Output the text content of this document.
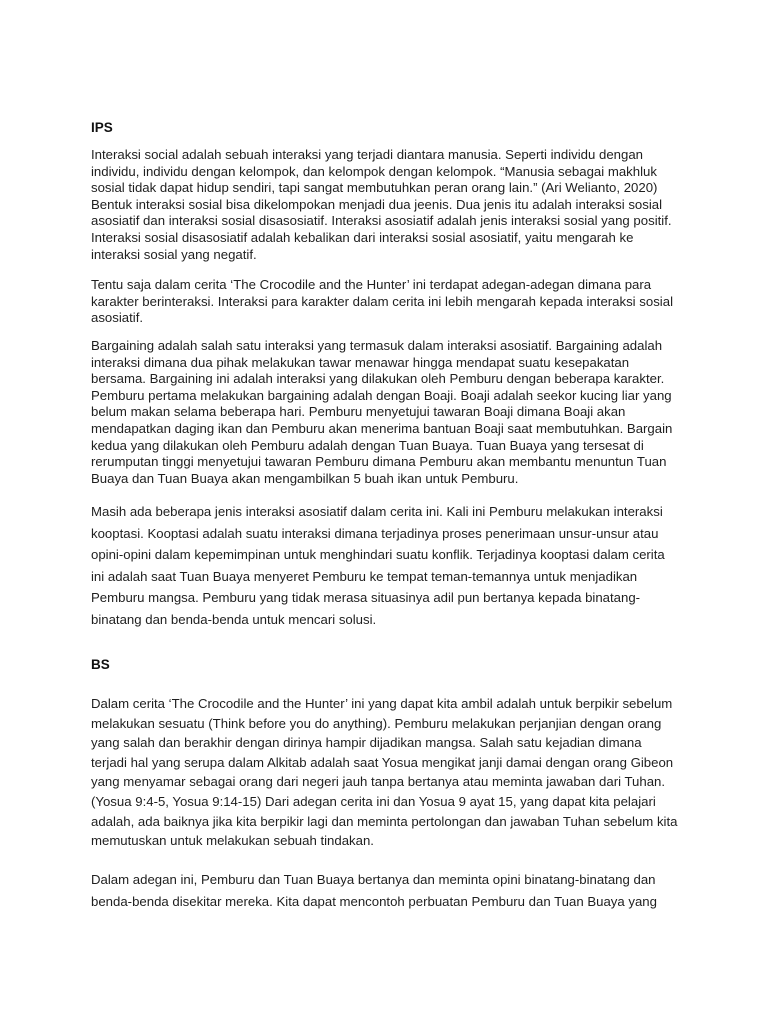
IPS

Interaksi social adalah sebuah interaksi yang terjadi diantara manusia. Seperti individu dengan individu, individu dengan kelompok, dan kelompok dengan kelompok. “Manusia sebagai makhluk sosial tidak dapat hidup sendiri, tapi sangat membutuhkan peran orang lain.” (Ari Welianto, 2020) Bentuk interaksi sosial bisa dikelompokan menjadi dua jeenis. Dua jenis itu adalah interaksi sosial asosiatif dan interaksi sosial disasosiatif. Interaksi asosiatif adalah jenis interaksi sosial yang positif. Interaksi sosial disasosiatif adalah kebalikan dari interaksi sosial asosiatif, yaitu mengarah ke interaksi sosial yang negatif.

Tentu saja dalam cerita ‘The Crocodile and the Hunter’ ini terdapat adegan-adegan dimana para karakter berinteraksi. Interaksi para karakter dalam cerita ini lebih mengarah kepada interaksi sosial asosiatif.

Bargaining adalah salah satu interaksi yang termasuk dalam interaksi asosiatif. Bargaining adalah interaksi dimana dua pihak melakukan tawar menawar hingga mendapat suatu kesepakatan bersama. Bargaining ini adalah interaksi yang dilakukan oleh Pemburu dengan beberapa karakter. Pemburu pertama melakukan bargaining adalah dengan Boaji. Boaji adalah seekor kucing liar yang belum makan selama beberapa hari. Pemburu menyetujui tawaran Boaji dimana Boaji akan mendapatkan daging ikan dan Pemburu akan menerima bantuan Boaji saat membutuhkan. Bargain kedua yang dilakukan oleh Pemburu adalah dengan Tuan Buaya. Tuan Buaya yang tersesat di rerumputan tinggi menyetujui tawaran Pemburu dimana Pemburu akan membantu menuntun Tuan Buaya dan Tuan Buaya akan mengambilkan 5 buah ikan untuk Pemburu.

Masih ada beberapa jenis interaksi asosiatif dalam cerita ini. Kali ini Pemburu melakukan interaksi kooptasi. Kooptasi adalah suatu interaksi dimana terjadinya proses penerimaan unsur-unsur atau opini-opini dalam kepemimpinan untuk menghindari suatu konflik. Terjadinya kooptasi dalam cerita ini adalah saat Tuan Buaya menyeret Pemburu ke tempat teman-temannya untuk menjadikan Pemburu mangsa. Pemburu yang tidak merasa situasinya adil pun bertanya kepada binatang-binatang dan benda-benda untuk mencari solusi.

BS

Dalam cerita ‘The Crocodile and the Hunter’ ini yang dapat kita ambil adalah untuk berpikir sebelum melakukan sesuatu (Think before you do anything). Pemburu melakukan perjanjian dengan orang yang salah dan berakhir dengan dirinya hampir dijadikan mangsa. Salah satu kejadian dimana terjadi hal yang serupa dalam Alkitab adalah saat Yosua mengikat janji damai dengan orang Gibeon yang menyamar sebagai orang dari negeri jauh tanpa bertanya atau meminta jawaban dari Tuhan. (Yosua 9:4-5, Yosua 9:14-15) Dari adegan cerita ini dan Yosua 9 ayat 15, yang dapat kita pelajari adalah, ada baiknya jika kita berpikir lagi dan meminta pertolongan dan jawaban Tuhan sebelum kita memutuskan untuk melakukan sebuah tindakan.

Dalam adegan ini, Pemburu dan Tuan Buaya bertanya dan meminta opini binatang-binatang dan benda-benda disekitar mereka. Kita dapat mencontoh perbuatan Pemburu dan Tuan Buaya yang
